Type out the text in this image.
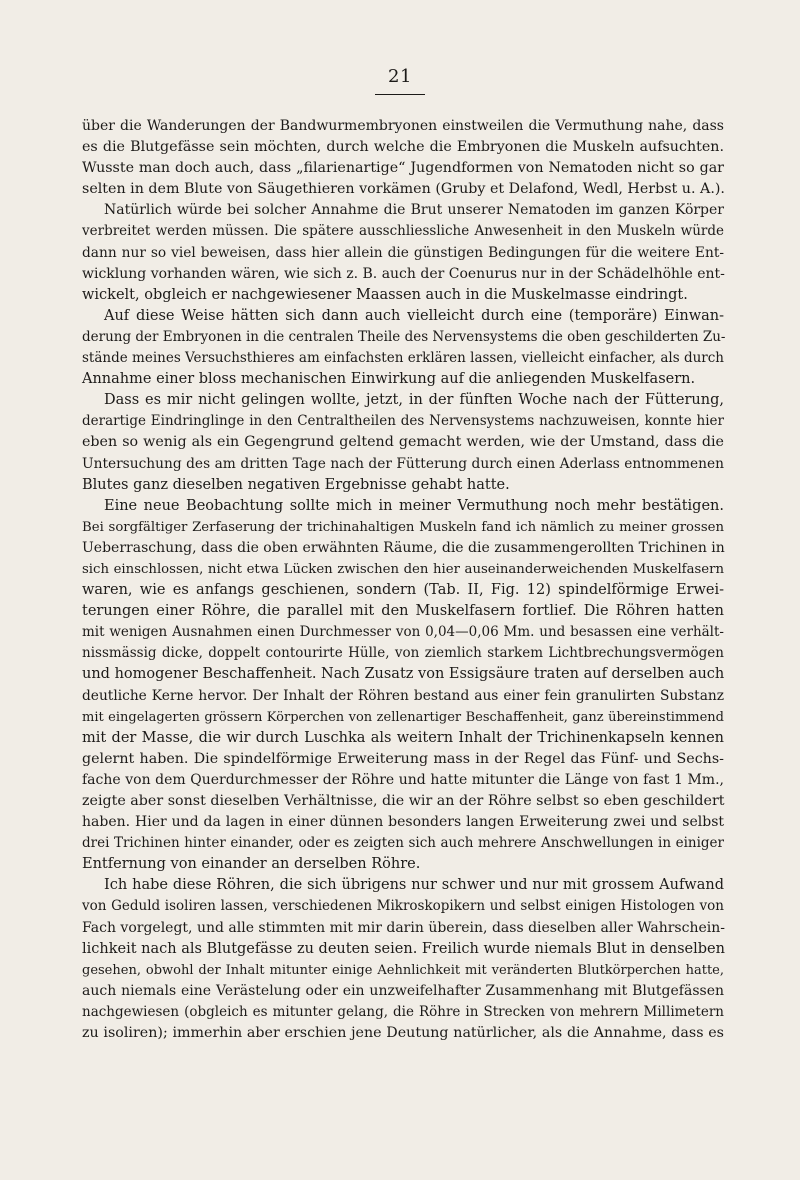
21
über die Wanderungen der Bandwurmembryonen einstweilen die Vermuthung nahe, dass
es die Blutgefässe sein möchten, durch welche die Embryonen die Muskeln aufsuchten.
Wusste man doch auch, dass „filarienartige“ Jugendformen von Nematoden nicht so gar
selten in dem Blute von Säugethieren vorkämen (Gruby et Delafond, Wedl, Herbst u. A.).
Natürlich würde bei solcher Annahme die Brut unserer Nematoden im ganzen Körper
verbreitet werden müssen. Die spätere ausschliessliche Anwesenheit in den Muskeln würde
dann nur so viel beweisen, dass hier allein die günstigen Bedingungen für die weitere Ent-
wicklung vorhanden wären, wie sich z. B. auch der Coenurus nur in der Schädelhöhle ent-
wickelt, obgleich er nachgewiesener Maassen auch in die Muskelmasse eindringt.
Auf diese Weise hätten sich dann auch vielleicht durch eine (temporäre) Einwan-
derung der Embryonen in die centralen Theile des Nervensystems die oben geschilderten Zu-
stände meines Versuchsthieres am einfachsten erklären lassen, vielleicht einfacher, als durch
Annahme einer bloss mechanischen Einwirkung auf die anliegenden Muskelfasern.
Dass es mir nicht gelingen wollte, jetzt, in der fünften Woche nach der Fütterung,
derartige Eindringlinge in den Centraltheilen des Nervensystems nachzuweisen, konnte hier
eben so wenig als ein Gegengrund geltend gemacht werden, wie der Umstand, dass die
Untersuchung des am dritten Tage nach der Fütterung durch einen Aderlass entnommenen
Blutes ganz dieselben negativen Ergebnisse gehabt hatte.
Eine neue Beobachtung sollte mich in meiner Vermuthung noch mehr bestätigen.
Bei sorgfältiger Zerfaserung der trichinahaltigen Muskeln fand ich nämlich zu meiner grossen
Ueberraschung, dass die oben erwähnten Räume, die die zusammengerollten Trichinen in
sich einschlossen, nicht etwa Lücken zwischen den hier auseinanderweichenden Muskelfasern
waren, wie es anfangs geschienen, sondern (Tab. II, Fig. 12) spindelförmige Erwei-
terungen einer Röhre, die parallel mit den Muskelfasern fortlief. Die Röhren hatten
mit wenigen Ausnahmen einen Durchmesser von 0,04—0,06 Mm. und besassen eine verhält-
nissmässig dicke, doppelt contourirte Hülle, von ziemlich starkem Lichtbrechungsvermögen
und homogener Beschaffenheit. Nach Zusatz von Essigsäure traten auf derselben auch
deutliche Kerne hervor. Der Inhalt der Röhren bestand aus einer fein granulirten Substanz
mit eingelagerten grössern Körperchen von zellenartiger Beschaffenheit, ganz übereinstimmend
mit der Masse, die wir durch Luschka als weitern Inhalt der Trichinenkapseln kennen
gelernt haben. Die spindelförmige Erweiterung mass in der Regel das Fünf- und Sechs-
fache von dem Querdurchmesser der Röhre und hatte mitunter die Länge von fast 1 Mm.,
zeigte aber sonst dieselben Verhältnisse, die wir an der Röhre selbst so eben geschildert
haben. Hier und da lagen in einer dünnen besonders langen Erweiterung zwei und selbst
drei Trichinen hinter einander, oder es zeigten sich auch mehrere Anschwellungen in einiger
Entfernung von einander an derselben Röhre.
Ich habe diese Röhren, die sich übrigens nur schwer und nur mit grossem Aufwand
von Geduld isoliren lassen, verschiedenen Mikroskopikern und selbst einigen Histologen von
Fach vorgelegt, und alle stimmten mit mir darin überein, dass dieselben aller Wahrschein-
lichkeit nach als Blutgefässe zu deuten seien. Freilich wurde niemals Blut in denselben
gesehen, obwohl der Inhalt mitunter einige Aehnlichkeit mit veränderten Blutkörperchen hatte,
auch niemals eine Verästelung oder ein unzweifelhafter Zusammenhang mit Blutgefässen
nachgewiesen (obgleich es mitunter gelang, die Röhre in Strecken von mehrern Millimetern
zu isoliren); immerhin aber erschien jene Deutung natürlicher, als die Annahme, dass es
